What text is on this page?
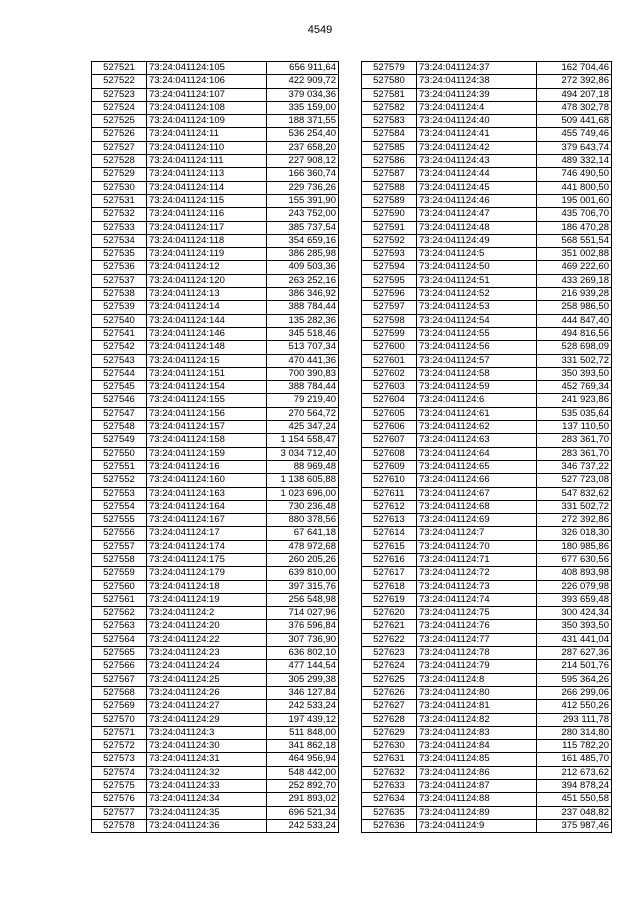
4549
527521	73:24:041124:105	656 911,64
527522	73:24:041124:106	422 909,72
527523	73:24:041124:107	379 034,36
527524	73:24:041124:108	335 159,00
527525	73:24:041124:109	188 371,55
527526	73:24:041124:11	536 254,40
527527	73:24:041124:110	237 658,20
527528	73:24:041124:111	227 908,12
527529	73:24:041124:113	166 360,74
527530	73:24:041124:114	229 736,26
527531	73:24:041124:115	155 391,90
527532	73:24:041124:116	243 752,00
527533	73:24:041124:117	385 737,54
527534	73:24:041124:118	354 659,16
527535	73:24:041124:119	386 285,98
527536	73:24:041124:12	409 503,36
527537	73:24:041124:120	263 252,16
527538	73:24:041124:13	386 346,92
527539	73:24:041124:14	388 784,44
527540	73:24:041124:144	135 282,36
527541	73:24:041124:146	345 518,46
527542	73:24:041124:148	513 707,34
527543	73:24:041124:15	470 441,36
527544	73:24:041124:151	700 390,83
527545	73:24:041124:154	388 784,44
527546	73:24:041124:155	79 219,40
527547	73:24:041124:156	270 564,72
527548	73:24:041124:157	425 347,24
527549	73:24:041124:158	1 154 558,47
527550	73:24:041124:159	3 034 712,40
527551	73:24:041124:16	88 969,48
527552	73:24:041124:160	1 138 605,88
527553	73:24:041124:163	1 023 696,00
527554	73:24:041124:164	730 236,48
527555	73:24:041124:167	880 378,56
527556	73:24:041124:17	67 641,18
527557	73:24:041124:174	478 972,68
527558	73:24:041124:175	260 205,26
527559	73:24:041124:179	639 810,00
527560	73:24:041124:18	397 315,76
527561	73:24:041124:19	256 548,98
527562	73:24:041124:2	714 027,96
527563	73:24:041124:20	376 596,84
527564	73:24:041124:22	307 736,90
527565	73:24:041124:23	636 802,10
527566	73:24:041124:24	477 144,54
527567	73:24:041124:25	305 299,38
527568	73:24:041124:26	346 127,84
527569	73:24:041124:27	242 533,24
527570	73:24:041124:29	197 439,12
527571	73:24:041124:3	511 848,00
527572	73:24:041124:30	341 862,18
527573	73:24:041124:31	464 956,94
527574	73:24:041124:32	548 442,00
527575	73:24:041124:33	252 892,70
527576	73:24:041124:34	291 893,02
527577	73:24:041124:35	696 521,34
527578	73:24:041124:36	242 533,24
527579	73:24:041124:37	162 704,46
527580	73:24:041124:38	272 392,86
527581	73:24:041124:39	494 207,18
527582	73:24:041124:4	478 302,78
527583	73:24:041124:40	509 441,68
527584	73:24:041124:41	455 749,46
527585	73:24:041124:42	379 643,74
527586	73:24:041124:43	489 332,14
527587	73:24:041124:44	746 490,50
527588	73:24:041124:45	441 800,50
527589	73:24:041124:46	195 001,60
527590	73:24:041124:47	435 706,70
527591	73:24:041124:48	186 470,28
527592	73:24:041124:49	568 551,54
527593	73:24:041124:5	351 002,88
527594	73:24:041124:50	469 222,60
527595	73:24:041124:51	433 269,18
527596	73:24:041124:52	216 939,28
527597	73:24:041124:53	258 986,50
527598	73:24:041124:54	444 847,40
527599	73:24:041124:55	494 816,56
527600	73:24:041124:56	528 698,09
527601	73:24:041124:57	331 502,72
527602	73:24:041124:58	350 393,50
527603	73:24:041124:59	452 769,34
527604	73:24:041124:6	241 923,86
527605	73:24:041124:61	535 035,64
527606	73:24:041124:62	137 110,50
527607	73:24:041124:63	283 361,70
527608	73:24:041124:64	283 361,70
527609	73:24:041124:65	346 737,22
527610	73:24:041124:66	527 723,08
527611	73:24:041124:67	547 832,62
527612	73:24:041124:68	331 502,72
527613	73:24:041124:69	272 392,86
527614	73:24:041124:7	326 018,30
527615	73:24:041124:70	180 985,86
527616	73:24:041124:71	677 630,56
527617	73:24:041124:72	408 893,98
527618	73:24:041124:73	226 079,98
527619	73:24:041124:74	393 659,48
527620	73:24:041124:75	300 424,34
527621	73:24:041124:76	350 393,50
527622	73:24:041124:77	431 441,04
527623	73:24:041124:78	287 627,36
527624	73:24:041124:79	214 501,76
527625	73:24:041124:8	595 364,26
527626	73:24:041124:80	266 299,06
527627	73:24:041124:81	412 550,26
527628	73:24:041124:82	293 111,78
527629	73:24:041124:83	280 314,80
527630	73:24:041124:84	115 782,20
527631	73:24:041124:85	161 485,70
527632	73:24:041124:86	212 673,62
527633	73:24:041124:87	394 878,24
527634	73:24:041124:88	451 550,58
527635	73:24:041124:89	237 048,82
527636	73:24:041124:9	375 987,46
